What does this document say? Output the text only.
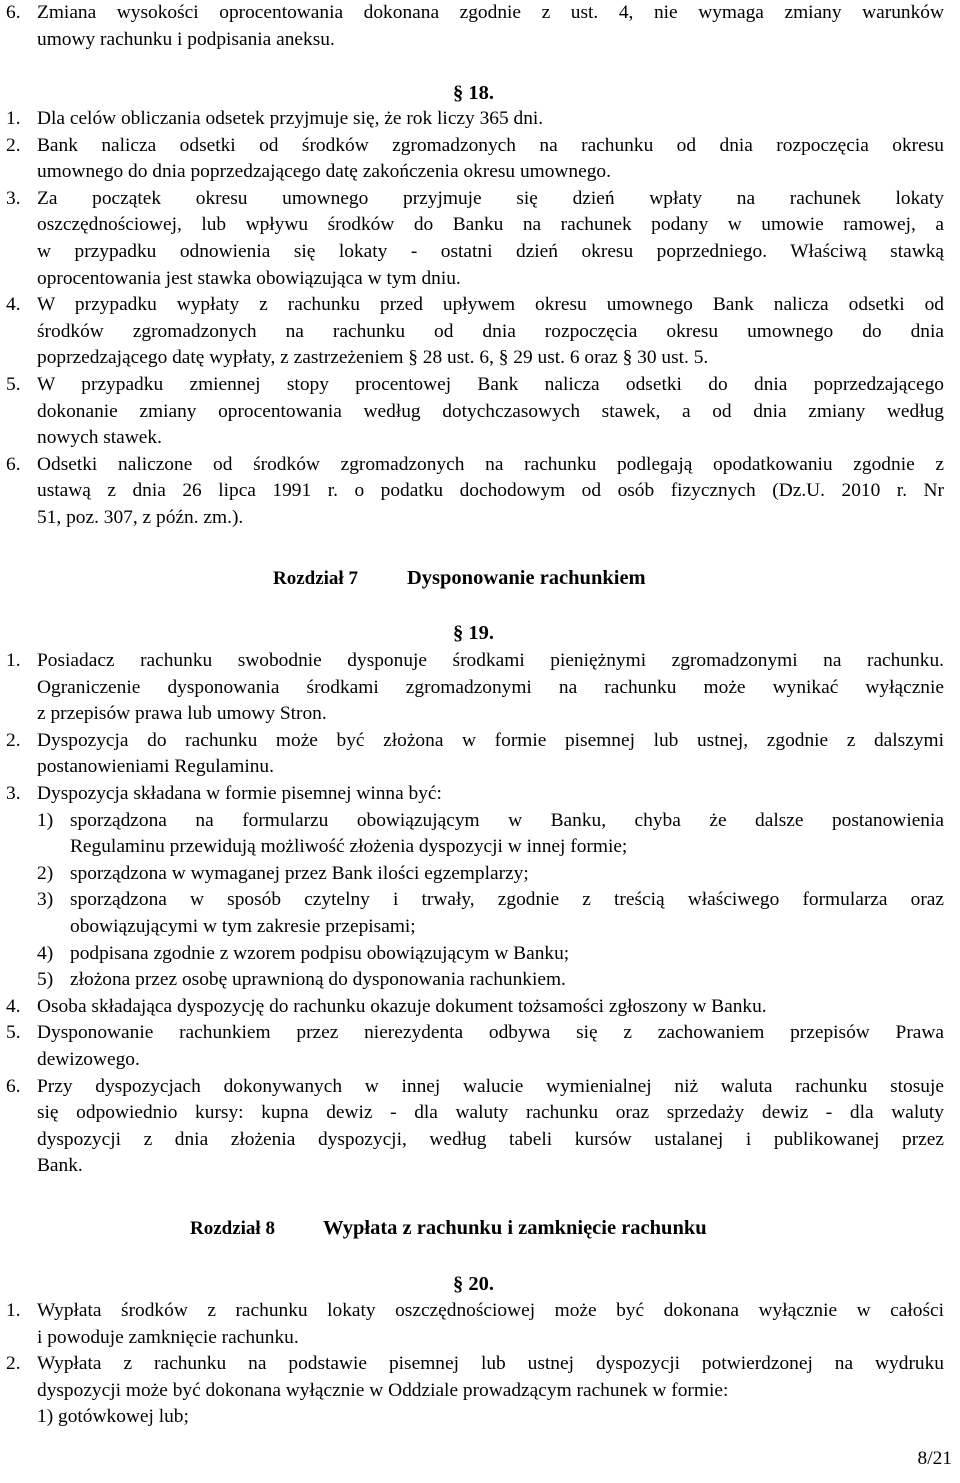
6. Zmiana wysokości oprocentowania dokonana zgodnie z ust. 4, nie wymaga zmiany warunków
umowy rachunku i podpisania aneksu.
§ 18.
1. Dla celów obliczania odsetek przyjmuje się, że rok liczy 365 dni.
2. Bank nalicza odsetki od środków zgromadzonych na rachunku od dnia rozpoczęcia okresu
umownego do dnia poprzedzającego datę zakończenia okresu umownego.
3. Za początek okresu umownego przyjmuje się dzień wpłaty na rachunek lokaty
oszczędnościowej, lub wpływu środków do Banku na rachunek podany w umowie ramowej, a
w przypadku odnowienia się lokaty - ostatni dzień okresu poprzedniego. Właściwą stawką
oprocentowania jest stawka obowiązująca w tym dniu.
4. W przypadku wypłaty z rachunku przed upływem okresu umownego Bank nalicza odsetki od
środków zgromadzonych na rachunku od dnia rozpoczęcia okresu umownego do dnia
poprzedzającego datę wypłaty, z zastrzeżeniem § 28 ust. 6, § 29 ust. 6 oraz § 30 ust. 5.
5. W przypadku zmiennej stopy procentowej Bank nalicza odsetki do dnia poprzedzającego
dokonanie zmiany oprocentowania według dotychczasowych stawek, a od dnia zmiany według
nowych stawek.
6. Odsetki naliczone od środków zgromadzonych na rachunku podlegają opodatkowaniu zgodnie z
ustawą z dnia 26 lipca 1991 r. o podatku dochodowym od osób fizycznych (Dz.U. 2010 r. Nr
51, poz. 307, z późn. zm.).
Rozdział 7 Dysponowanie rachunkiem
§ 19.
1. Posiadacz rachunku swobodnie dysponuje środkami pieniężnymi zgromadzonymi na rachunku.
Ograniczenie dysponowania środkami zgromadzonymi na rachunku może wynikać wyłącznie
z przepisów prawa lub umowy Stron.
2. Dyspozycja do rachunku może być złożona w formie pisemnej lub ustnej, zgodnie z dalszymi
postanowieniami Regulaminu.
3. Dyspozycja składana w formie pisemnej winna być:
1) sporządzona na formularzu obowiązującym w Banku, chyba że dalsze postanowienia
Regulaminu przewidują możliwość złożenia dyspozycji w innej formie;
2) sporządzona w wymaganej przez Bank ilości egzemplarzy;
3) sporządzona w sposób czytelny i trwały, zgodnie z treścią właściwego formularza oraz
obowiązującymi w tym zakresie przepisami;
4) podpisana zgodnie z wzorem podpisu obowiązującym w Banku;
5) złożona przez osobę uprawnioną do dysponowania rachunkiem.
4. Osoba składająca dyspozycję do rachunku okazuje dokument tożsamości zgłoszony w Banku.
5. Dysponowanie rachunkiem przez nierezydenta odbywa się z zachowaniem przepisów Prawa
dewizowego.
6. Przy dyspozycjach dokonywanych w innej walucie wymienialnej niż waluta rachunku stosuje
się odpowiednio kursy: kupna dewiz - dla waluty rachunku oraz sprzedaży dewiz - dla waluty
dyspozycji z dnia złożenia dyspozycji, według tabeli kursów ustalanej i publikowanej przez
Bank.
Rozdział 8 Wypłata z rachunku i zamknięcie rachunku
§ 20.
1. Wypłata środków z rachunku lokaty oszczędnościowej może być dokonana wyłącznie w całości
i powoduje zamknięcie rachunku.
2. Wypłata z rachunku na podstawie pisemnej lub ustnej dyspozycji potwierdzonej na wydruku
dyspozycji może być dokonana wyłącznie w Oddziale prowadzącym rachunek w formie:
1) gotówkowej lub;
8/21
